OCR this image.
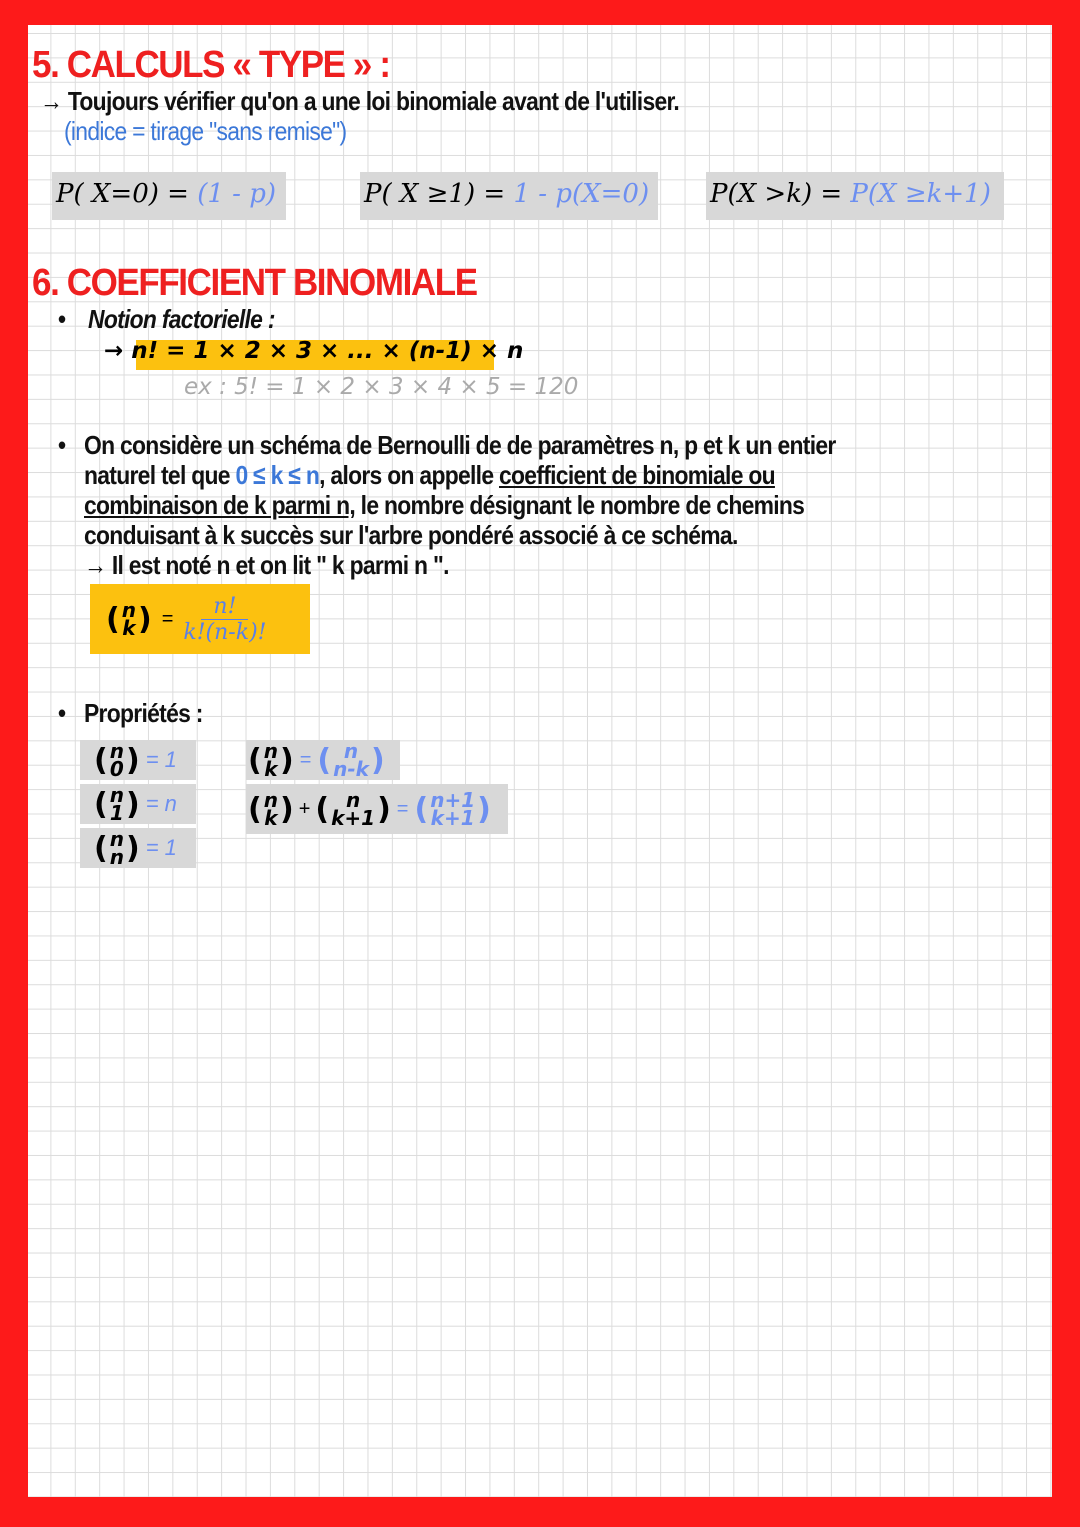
5. CALCULS « TYPE » :
→ Toujours vérifier qu'on a une loi binomiale avant de l'utiliser.
(indice = tirage "sans remise")
P( X=0) = (1 - p)	P( X ≥1) = 1 - p(X=0)	P(X >k) = P(X ≥k+1)
6. COEFFICIENT BINOMIALE
• Notion factorielle :
→ n! = 1 × 2 × 3 × ... × (n-1) × n
ex : 5! = 1 × 2 × 3 × 4 × 5 = 120
• On considère un schéma de Bernoulli de de paramètres n, p et k un entier
naturel tel que 0 ≤ k ≤ n, alors on appelle coefficient de binomiale ou
combinaison de k parmi n, le nombre désignant le nombre de chemins
conduisant à k succès sur l'arbre pondéré associé à ce schéma.
→ Il est noté n et on lit " k parmi n ".
( n
k ) = $\frac{n!}{k!(n-k)!}$
• Propriétés :
( n
0 ) = 1
( n
1 ) = n
( n
n ) = 1
( n
k ) = ( n
n-k )
( n
k ) + ( n
k+1 ) = ( n+1
k+1 )
